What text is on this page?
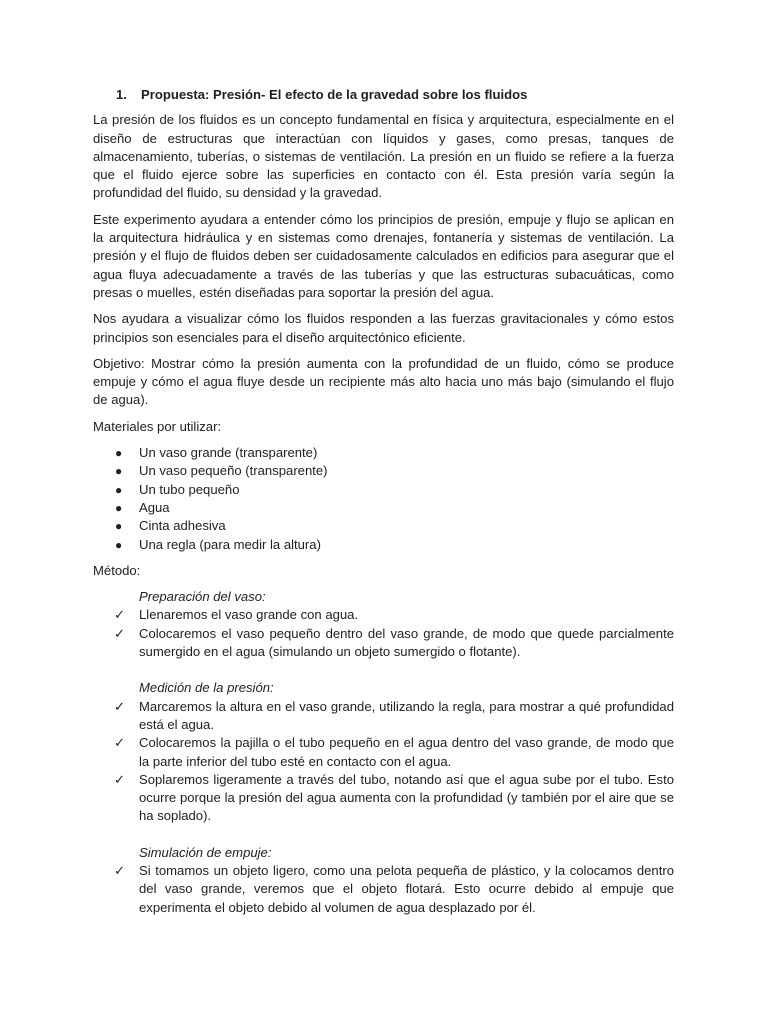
1.	Propuesta: Presión- El efecto de la gravedad sobre los fluidos

La presión de los fluidos es un concepto fundamental en física y arquitectura, especialmente en el diseño de estructuras que interactúan con líquidos y gases, como presas, tanques de almacenamiento, tuberías, o sistemas de ventilación. La presión en un fluido se refiere a la fuerza que el fluido ejerce sobre las superficies en contacto con él. Esta presión varía según la profundidad del fluido, su densidad y la gravedad.

Este experimento ayudara a entender cómo los principios de presión, empuje y flujo se aplican en la arquitectura hidráulica y en sistemas como drenajes, fontanería y sistemas de ventilación. La presión y el flujo de fluidos deben ser cuidadosamente calculados en edificios para asegurar que el agua fluya adecuadamente a través de las tuberías y que las estructuras subacuáticas, como presas o muelles, estén diseñadas para soportar la presión del agua.

Nos ayudara a visualizar cómo los fluidos responden a las fuerzas gravitacionales y cómo estos principios son esenciales para el diseño arquitectónico eficiente.

Objetivo: Mostrar cómo la presión aumenta con la profundidad de un fluido, cómo se produce empuje y cómo el agua fluye desde un recipiente más alto hacia uno más bajo (simulando el flujo de agua).

Materiales por utilizar:

●	Un vaso grande (transparente)
●	Un vaso pequeño (transparente)
●	Un tubo pequeño
●	Agua
●	Cinta adhesiva
●	Una regla (para medir la altura)

Método:

Preparación del vaso:
✓	Llenaremos el vaso grande con agua.
✓	Colocaremos el vaso pequeño dentro del vaso grande, de modo que quede parcialmente sumergido en el agua (simulando un objeto sumergido o flotante).
Medición de la presión:
✓	Marcaremos la altura en el vaso grande, utilizando la regla, para mostrar a qué profundidad está el agua.
✓	Colocaremos la pajilla o el tubo pequeño en el agua dentro del vaso grande, de modo que la parte inferior del tubo esté en contacto con el agua.
✓	Soplaremos ligeramente a través del tubo, notando así que el agua sube por el tubo. Esto ocurre porque la presión del agua aumenta con la profundidad (y también por el aire que se ha soplado).
Simulación de empuje:
✓	Si tomamos un objeto ligero, como una pelota pequeña de plástico, y la colocamos dentro del vaso grande, veremos que el objeto flotará. Esto ocurre debido al empuje que experimenta el objeto debido al volumen de agua desplazado por él.
